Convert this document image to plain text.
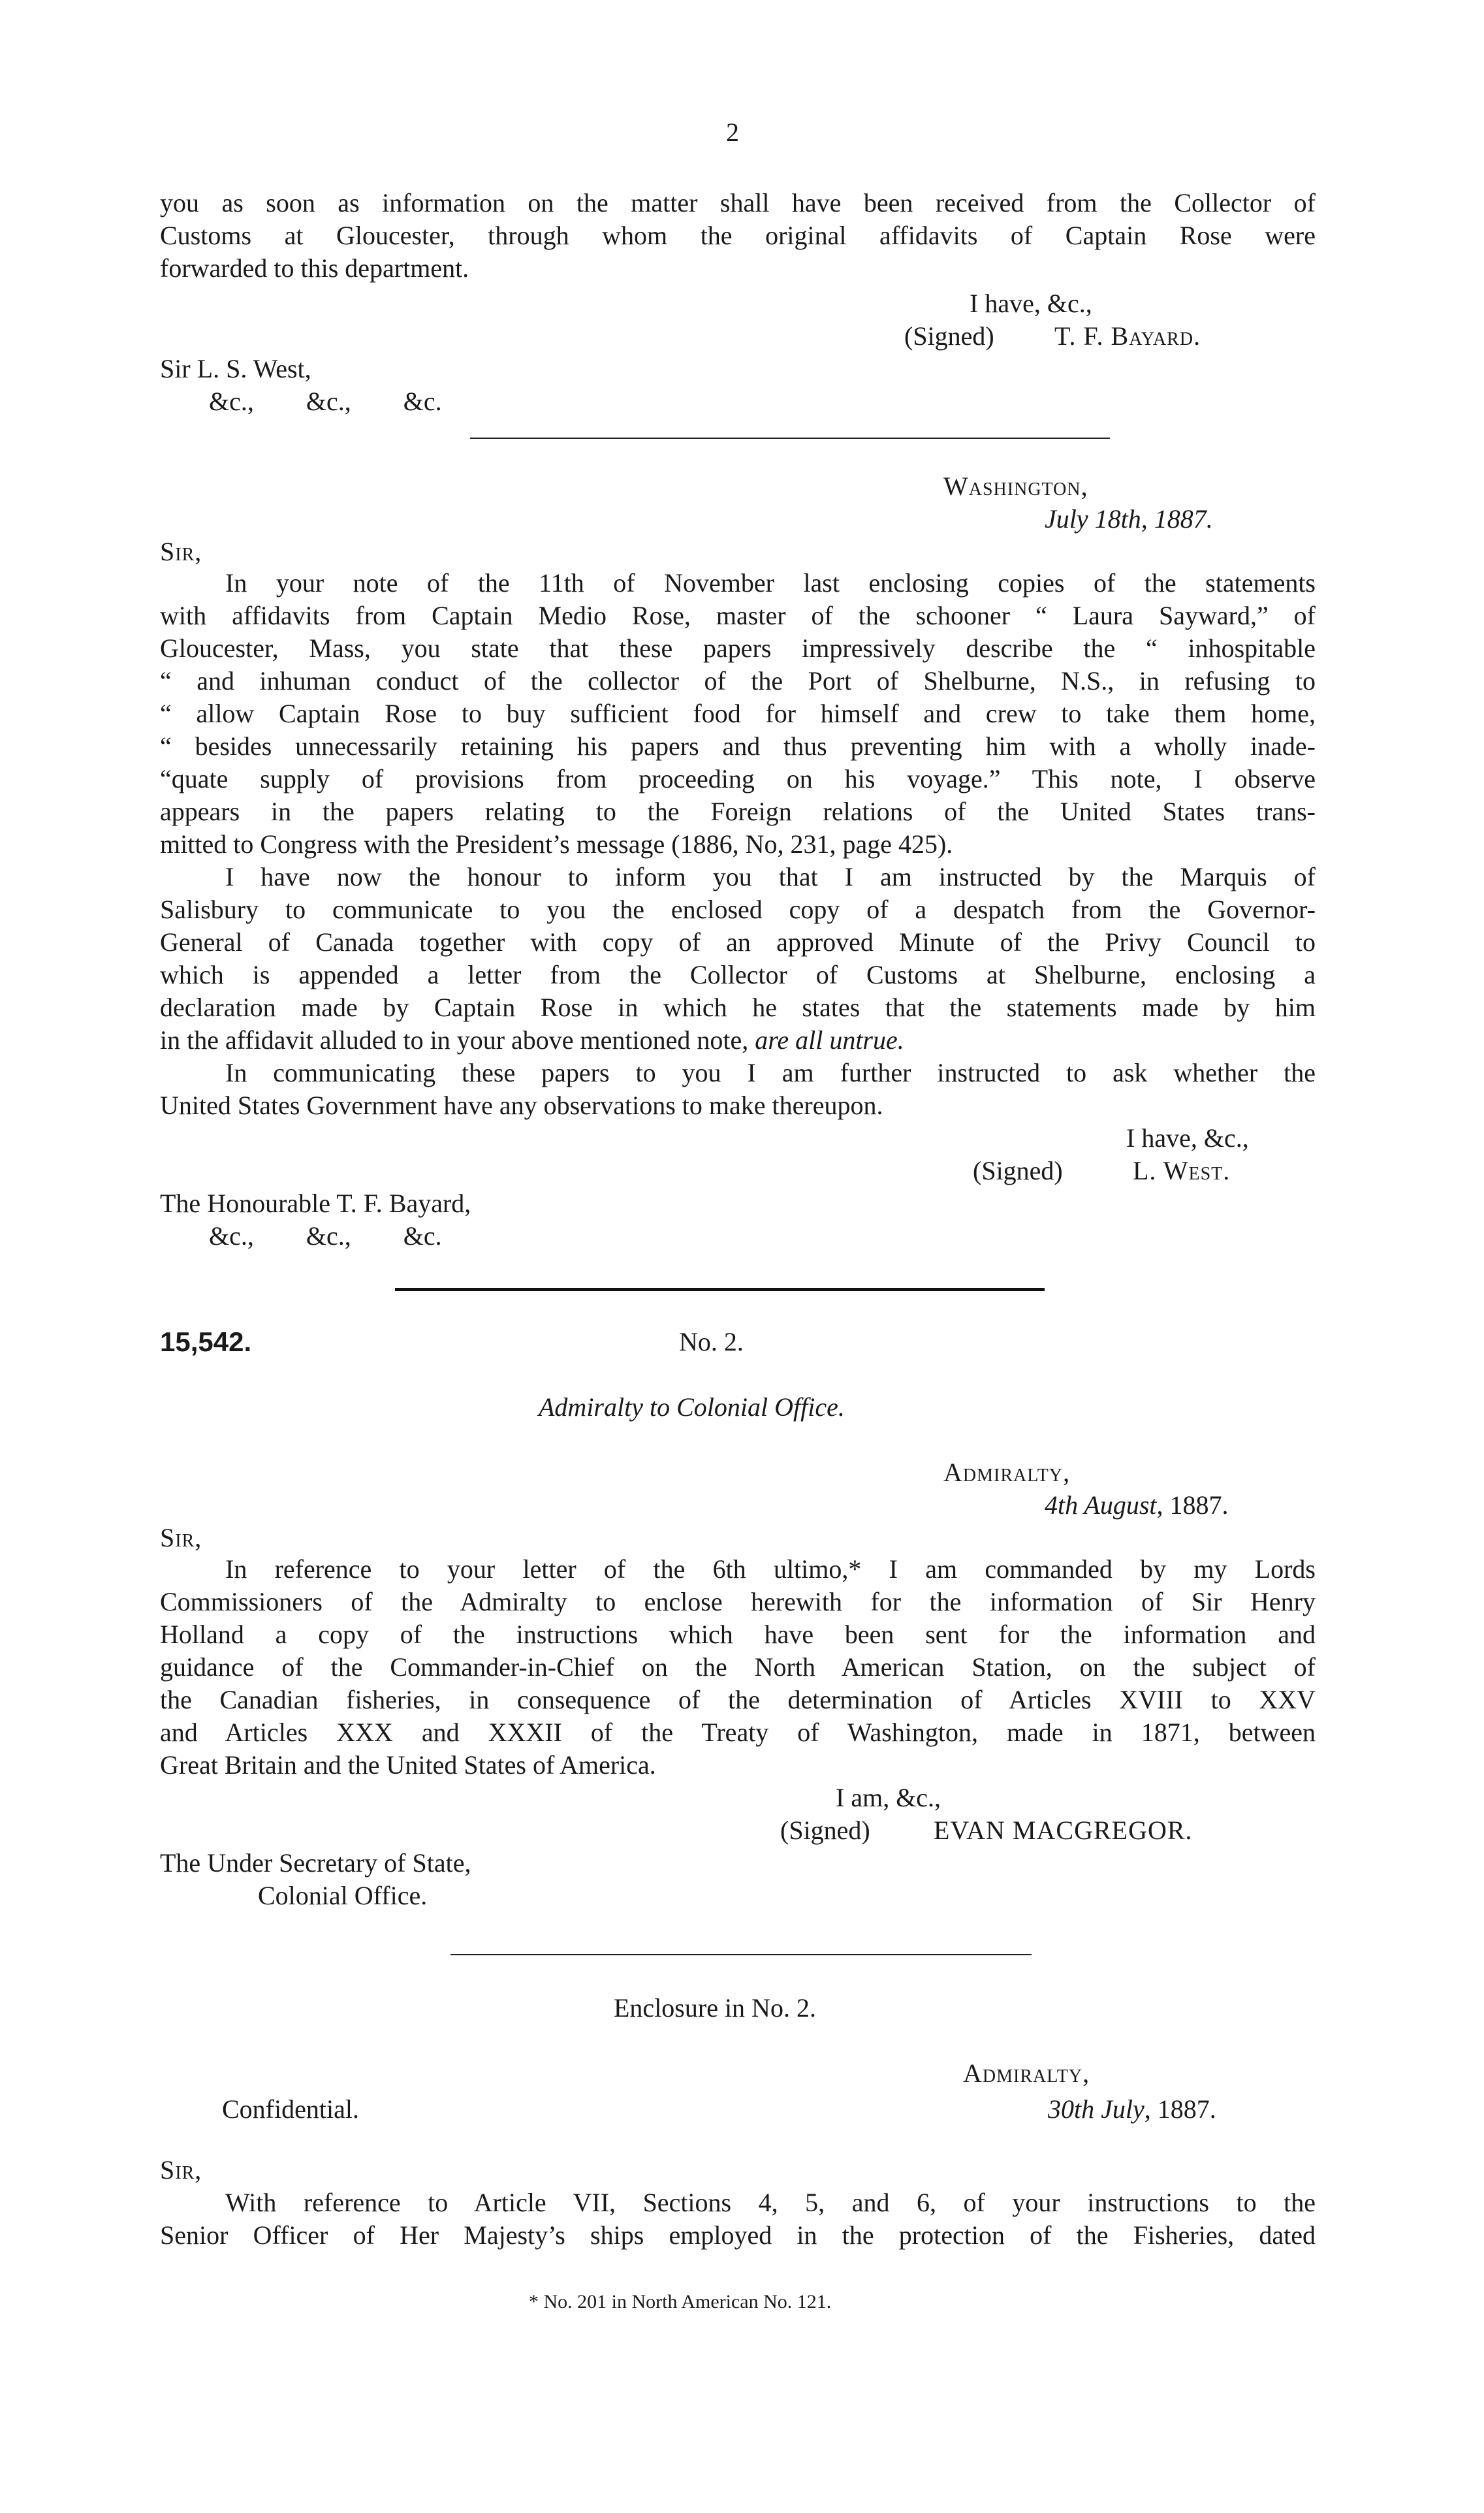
2
you as soon as information on the matter shall have been received from the Collector of
Customs at Gloucester, through whom the original affidavits of Captain Rose were
forwarded to this department.
I have, &c.,
(Signed) T. F. Bayard.
Sir L. S. West,
&c.,        &c.,        &c.
Washington,
July 18th, 1887.
Sir,
In your note of the 11th of November last enclosing copies of the statements
with affidavits from Captain Medio Rose, master of the schooner “ Laura Sayward,” of
Gloucester, Mass, you state that these papers impressively describe the “ inhospitable
“ and inhuman conduct of the collector of the Port of Shelburne, N.S., in refusing to
“ allow Captain Rose to buy sufficient food for himself and crew to take them home,
“ besides unnecessarily retaining his papers and thus preventing him with a wholly inade-
“quate supply of provisions from proceeding on his voyage.” This note, I observe
appears in the papers relating to the Foreign relations of the United States trans-
mitted to Congress with the President’s message (1886, No, 231, page 425).
I have now the honour to inform you that I am instructed by the Marquis of
Salisbury to communicate to you the enclosed copy of a despatch from the Governor-
General of Canada together with copy of an approved Minute of the Privy Council to
which is appended a letter from the Collector of Customs at Shelburne, enclosing a
declaration made by Captain Rose in which he states that the statements made by him
in the affidavit alluded to in your above mentioned note, are all untrue.
In communicating these papers to you I am further instructed to ask whether the
United States Government have any observations to make thereupon.
I have, &c.,
(Signed)	L. West.
The Honourable T. F. Bayard,
&c.,        &c.,        &c.
15,542.	No. 2.
Admiralty to Colonial Office.
Admiralty,
4th August, 1887.
Sir,
In reference to your letter of the 6th ultimo,* I am commanded by my Lords
Commissioners of the Admiralty to enclose herewith for the information of Sir Henry
Holland a copy of the instructions which have been sent for the information and
guidance of the Commander-in-Chief on the North American Station, on the subject of
the Canadian fisheries, in consequence of the determination of Articles XVIII to XXV
and Articles XXX and XXXII of the Treaty of Washington, made in 1871, between
Great Britain and the United States of America.
I am, &c.,
(Signed) EVAN MACGREGOR.
The Under Secretary of State,
Colonial Office.
Enclosure in No. 2.
Admiralty,
Confidential.	30th July, 1887.
Sir,
With reference to Article VII, Sections 4, 5, and 6, of your instructions to the
Senior Officer of Her Majesty’s ships employed in the protection of the Fisheries, dated
* No. 201 in North American No. 121.
